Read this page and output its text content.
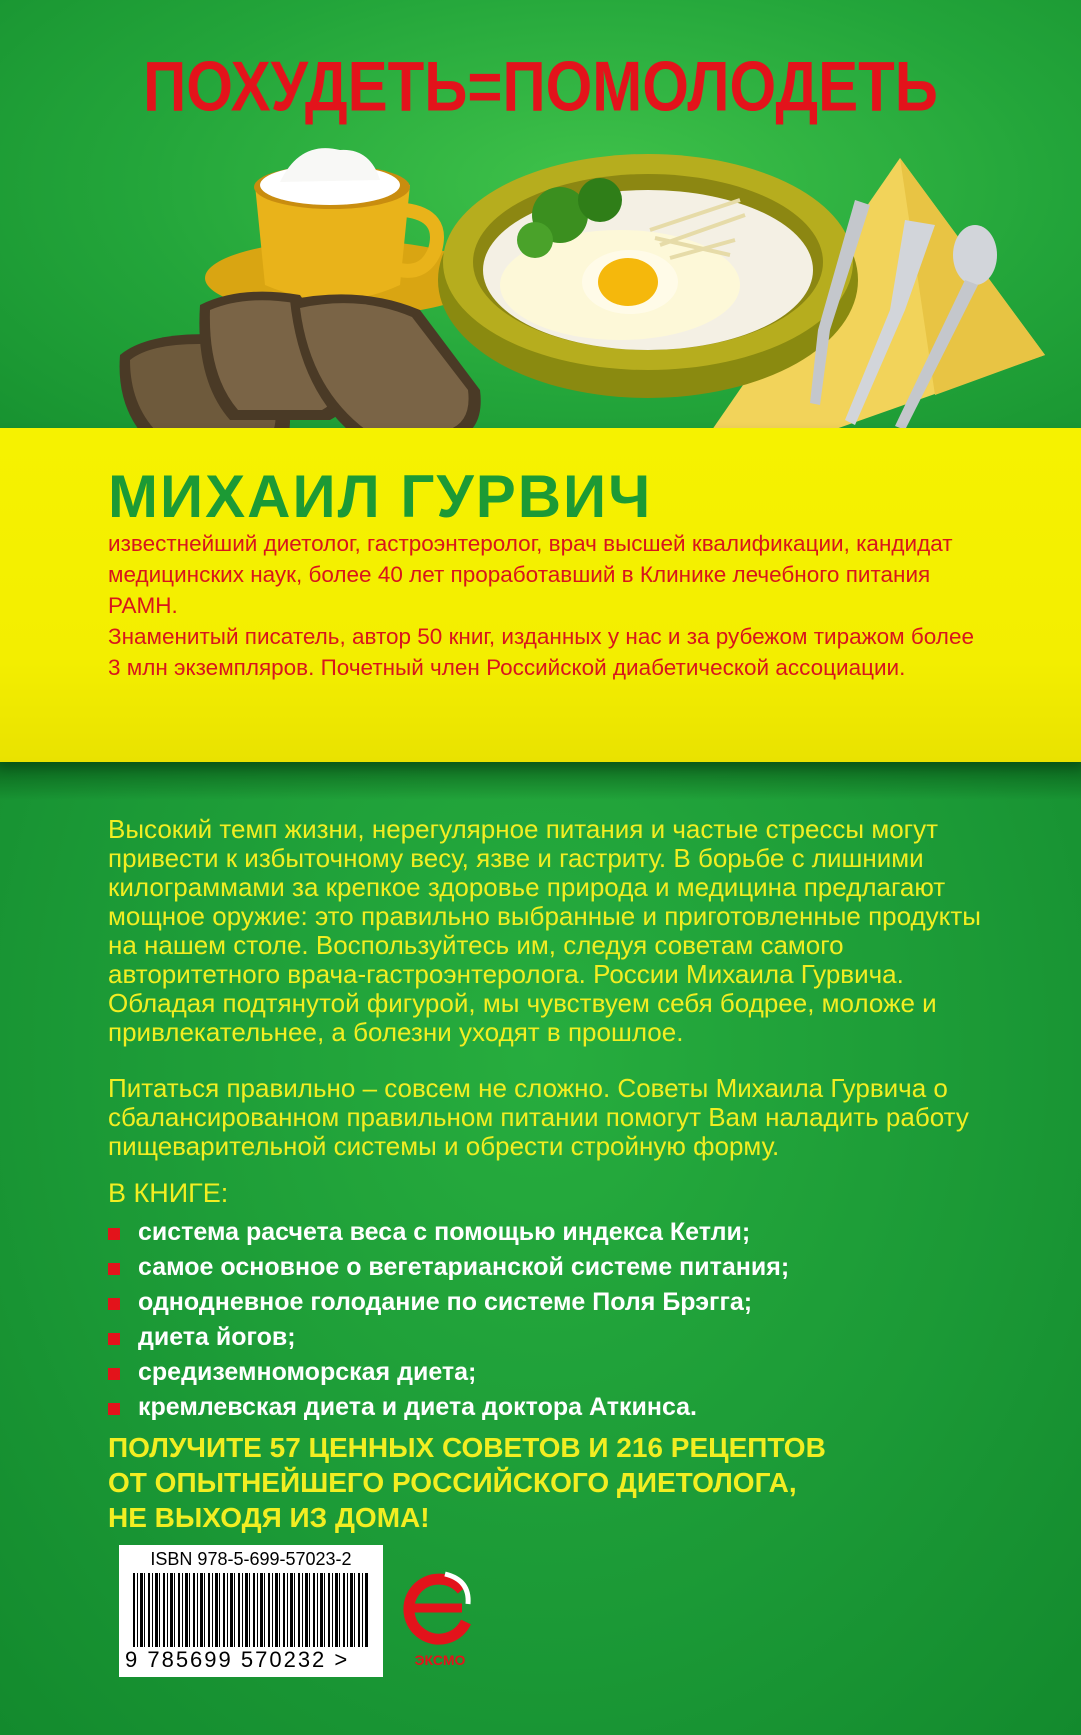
ПОХУДЕТЬ=ПОМОЛОДЕТЬ
МИХАИЛ ГУРВИЧ

известнейший диетолог, гастроэнтеролог, врач высшей квалификации, кандидат медицинских наук, более 40 лет проработавший в Клинике лечебного питания РАМН.

Знаменитый писатель, автор 50 книг, изданных у нас и за рубежом тиражом более 3 млн экземпляров. Почетный член Российской диабетической ассоциации.

Высокий темп жизни, нерегулярное питания и частые стрессы могут привести к избыточному весу, язве и гастриту. В борьбе с лишними килограммами за крепкое здоровье природа и медицина предлагают мощное оружие: это правильно выбранные и приготовленные продукты на нашем столе. Воспользуйтесь им, следуя советам самого авторитетного врача-гастроэнтеролога. России Михаила Гурвича. Обладая подтянутой фигурой, мы чувствуем себя бодрее, моложе и привлекательнее, а болезни уходят в прошлое.

Питаться правильно – совсем не сложно. Советы Михаила Гурвича о сбалансированном правильном питании помогут Вам наладить работу пищеварительной системы и обрести стройную форму.

В КНИГЕ:
система расчета веса с помощью индекса Кетли;
самое основное о вегетарианской системе питания;
однодневное голодание по системе Поля Брэгга;
диета йогов;
средиземноморская диета;
кремлевская диета и диета доктора Аткинса.
ПОЛУЧИТЕ 57 ЦЕННЫХ СОВЕТОВ И 216 РЕЦЕПТОВ
ОТ ОПЫТНЕЙШЕГО РОССИЙСКОГО ДИЕТОЛОГА,
НЕ ВЫХОДЯ ИЗ ДОМА!
ISBN 978-5-699-57023-2
9 785699 570232 >	ЭКСМО
